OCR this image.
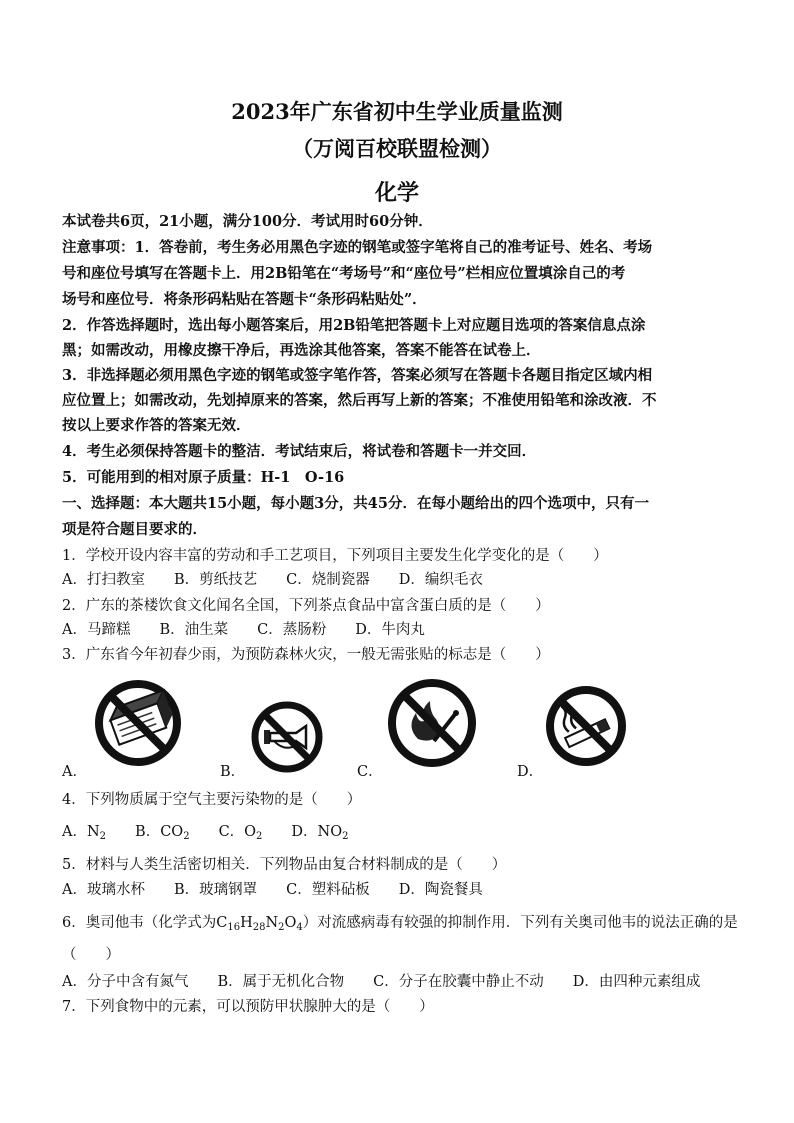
2023年广东省初中生学业质量监测
（万阅百校联盟检测）
化学
本试卷共6页，21小题，满分100分．考试用时60分钟．
注意事项：1．答卷前，考生务必用黑色字迹的钢笔或签字笔将自己的准考证号、姓名、考场
号和座位号填写在答题卡上．用2B铅笔在“考场号”和“座位号”栏相应位置填涂自己的考
场号和座位号．将条形码粘贴在答题卡“条形码粘贴处”．
2．作答选择题时，选出每小题答案后，用2B铅笔把答题卡上对应题目选项的答案信息点涂
黑；如需改动，用橡皮擦干净后，再选涂其他答案，答案不能答在试卷上．
3．非选择题必须用黑色字迹的钢笔或签字笔作答，答案必须写在答题卡各题目指定区域内相
应位置上；如需改动，先划掉原来的答案，然后再写上新的答案；不准使用铅笔和涂改液．不
按以上要求作答的答案无效．
4．考生必须保持答题卡的整洁．考试结束后，将试卷和答题卡一并交回．
5．可能用到的相对原子质量：H-1　O-16
一、选择题：本大题共15小题，每小题3分，共45分．在每小题给出的四个选项中，只有一
项是符合题目要求的．
1．学校开设内容丰富的劳动和手工艺项目，下列项目主要发生化学变化的是（　　）
A．打扫教室　　B．剪纸技艺　　C．烧制瓷器　　D．编织毛衣
2．广东的茶楼饮食文化闻名全国，下列茶点食品中富含蛋白质的是（　　）
A．马蹄糕　　B．油生菜　　C．蒸肠粉　　D．牛肉丸
3．广东省今年初春少雨，为预防森林火灾，一般无需张贴的标志是（　　）
A．	B．	C．	D．
4．下列物质属于空气主要污染物的是（　　）
A．$N_2$　　 B．$CO_2$　　 C．$O_2$　　 D．$NO_2$
5．材料与人类生活密切相关．下列物品由复合材料制成的是（　　）
A．玻璃水杯　　B．玻璃钢罩　　C．塑料砧板　　D．陶瓷餐具
6．奥司他韦（化学式为$C_{16}H_{28}N_2O_4$）对流感病毒有较强的抑制作用．下列有关奥司他韦的说法正确的是
（　　）
A．分子中含有氮气　　B．属于无机化合物　　C．分子在胶囊中静止不动　　D．由四种元素组成
7．下列食物中的元素，可以预防甲状腺肿大的是（　　）
